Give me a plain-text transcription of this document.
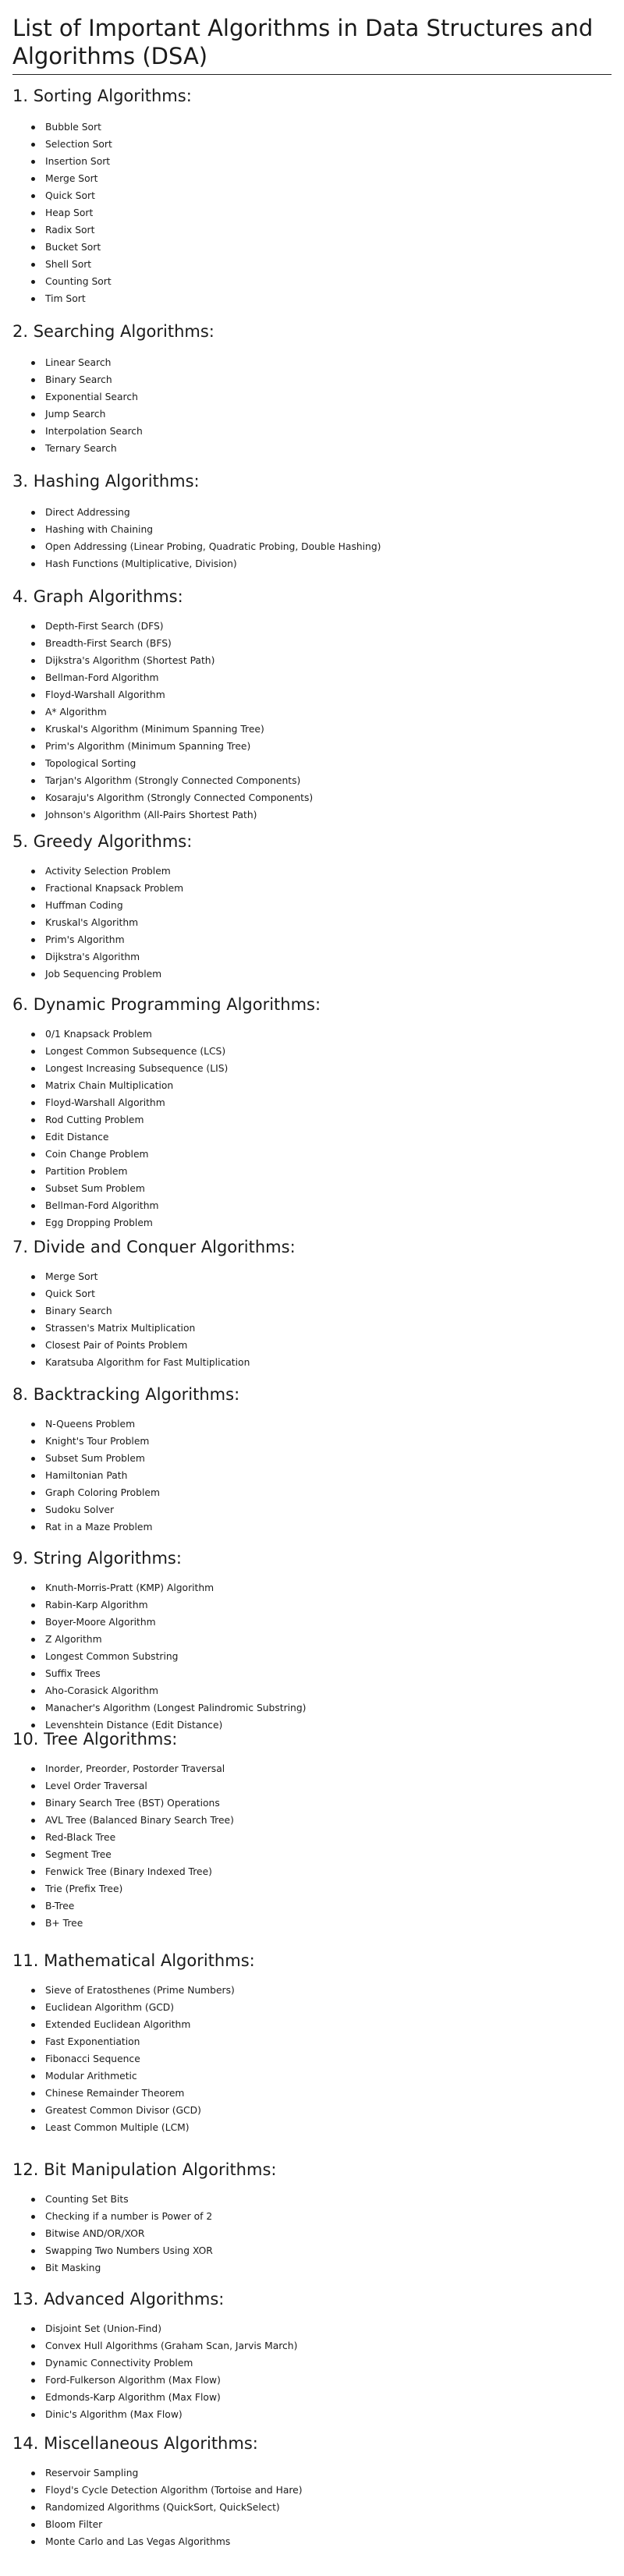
List of Important Algorithms in Data Structures and Algorithms (DSA)
1. Sorting Algorithms:
Bubble Sort
Selection Sort
Insertion Sort
Merge Sort
Quick Sort
Heap Sort
Radix Sort
Bucket Sort
Shell Sort
Counting Sort
Tim Sort
2. Searching Algorithms:
Linear Search
Binary Search
Exponential Search
Jump Search
Interpolation Search
Ternary Search
3. Hashing Algorithms:
Direct Addressing
Hashing with Chaining
Open Addressing (Linear Probing, Quadratic Probing, Double Hashing)
Hash Functions (Multiplicative, Division)
4. Graph Algorithms:
Depth-First Search (DFS)
Breadth-First Search (BFS)
Dijkstra's Algorithm (Shortest Path)
Bellman-Ford Algorithm
Floyd-Warshall Algorithm
A* Algorithm
Kruskal's Algorithm (Minimum Spanning Tree)
Prim's Algorithm (Minimum Spanning Tree)
Topological Sorting
Tarjan's Algorithm (Strongly Connected Components)
Kosaraju's Algorithm (Strongly Connected Components)
Johnson's Algorithm (All-Pairs Shortest Path)
5. Greedy Algorithms:
Activity Selection Problem
Fractional Knapsack Problem
Huffman Coding
Kruskal's Algorithm
Prim's Algorithm
Dijkstra's Algorithm
Job Sequencing Problem
6. Dynamic Programming Algorithms:
0/1 Knapsack Problem
Longest Common Subsequence (LCS)
Longest Increasing Subsequence (LIS)
Matrix Chain Multiplication
Floyd-Warshall Algorithm
Rod Cutting Problem
Edit Distance
Coin Change Problem
Partition Problem
Subset Sum Problem
Bellman-Ford Algorithm
Egg Dropping Problem
7. Divide and Conquer Algorithms:
Merge Sort
Quick Sort
Binary Search
Strassen's Matrix Multiplication
Closest Pair of Points Problem
Karatsuba Algorithm for Fast Multiplication
8. Backtracking Algorithms:
N-Queens Problem
Knight's Tour Problem
Subset Sum Problem
Hamiltonian Path
Graph Coloring Problem
Sudoku Solver
Rat in a Maze Problem
9. String Algorithms:
Knuth-Morris-Pratt (KMP) Algorithm
Rabin-Karp Algorithm
Boyer-Moore Algorithm
Z Algorithm
Longest Common Substring
Suffix Trees
Aho-Corasick Algorithm
Manacher's Algorithm (Longest Palindromic Substring)
Levenshtein Distance (Edit Distance)
10. Tree Algorithms:
Inorder, Preorder, Postorder Traversal
Level Order Traversal
Binary Search Tree (BST) Operations
AVL Tree (Balanced Binary Search Tree)
Red-Black Tree
Segment Tree
Fenwick Tree (Binary Indexed Tree)
Trie (Prefix Tree)
B-Tree
B+ Tree
11. Mathematical Algorithms:
Sieve of Eratosthenes (Prime Numbers)
Euclidean Algorithm (GCD)
Extended Euclidean Algorithm
Fast Exponentiation
Fibonacci Sequence
Modular Arithmetic
Chinese Remainder Theorem
Greatest Common Divisor (GCD)
Least Common Multiple (LCM)
12. Bit Manipulation Algorithms:
Counting Set Bits
Checking if a number is Power of 2
Bitwise AND/OR/XOR
Swapping Two Numbers Using XOR
Bit Masking
13. Advanced Algorithms:
Disjoint Set (Union-Find)
Convex Hull Algorithms (Graham Scan, Jarvis March)
Dynamic Connectivity Problem
Ford-Fulkerson Algorithm (Max Flow)
Edmonds-Karp Algorithm (Max Flow)
Dinic's Algorithm (Max Flow)
14. Miscellaneous Algorithms:
Reservoir Sampling
Floyd's Cycle Detection Algorithm (Tortoise and Hare)
Randomized Algorithms (QuickSort, QuickSelect)
Bloom Filter
Monte Carlo and Las Vegas Algorithms
